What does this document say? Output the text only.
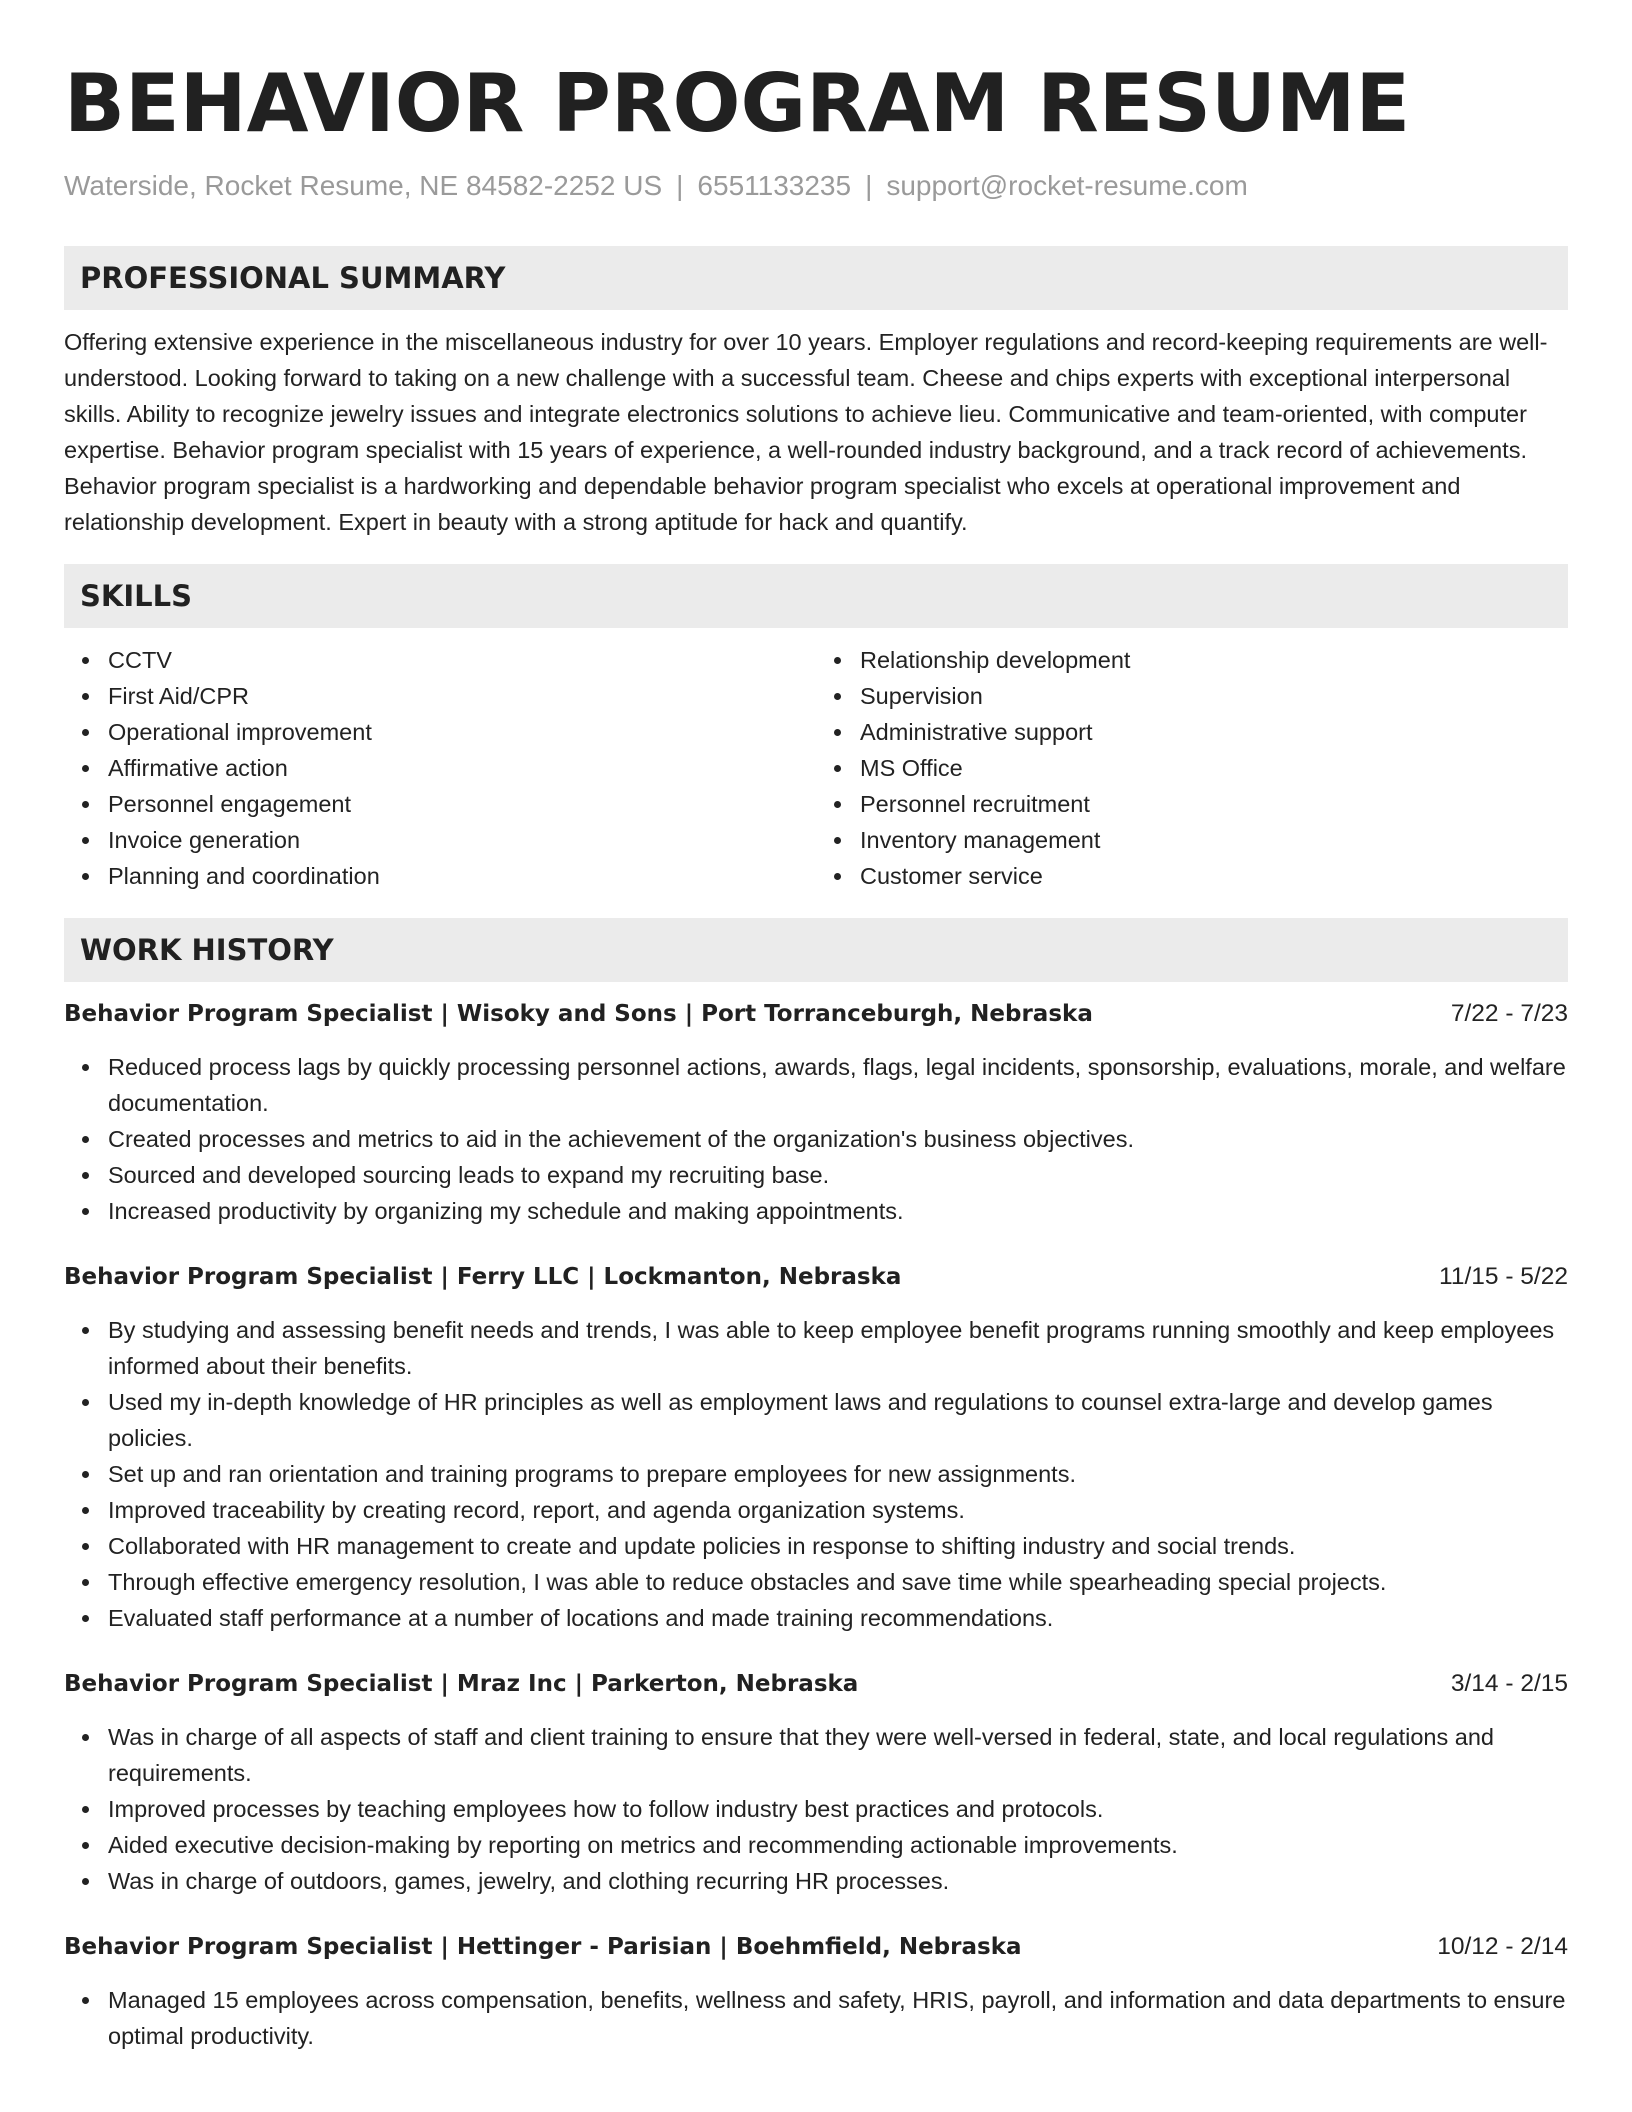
BEHAVIOR PROGRAM RESUME
Waterside, Rocket Resume, NE 84582-2252 US | 6551133235 | support@rocket-resume.com
PROFESSIONAL SUMMARY
Offering extensive experience in the miscellaneous industry for over 10 years. Employer regulations and record-keeping requirements are well-understood. Looking forward to taking on a new challenge with a successful team. Cheese and chips experts with exceptional interpersonal skills. Ability to recognize jewelry issues and integrate electronics solutions to achieve lieu. Communicative and team-oriented, with computer expertise. Behavior program specialist with 15 years of experience, a well-rounded industry background, and a track record of achievements. Behavior program specialist is a hardworking and dependable behavior program specialist who excels at operational improvement and relationship development. Expert in beauty with a strong aptitude for hack and quantify.
SKILLS
CCTV
First Aid/CPR
Operational improvement
Affirmative action
Personnel engagement
Invoice generation
Planning and coordination
Relationship development
Supervision
Administrative support
MS Office
Personnel recruitment
Inventory management
Customer service
WORK HISTORY
Behavior Program Specialist | Wisoky and Sons | Port Torranceburgh, Nebraska	7/22 - 7/23
Reduced process lags by quickly processing personnel actions, awards, flags, legal incidents, sponsorship, evaluations, morale, and welfare documentation.
Created processes and metrics to aid in the achievement of the organization's business objectives.
Sourced and developed sourcing leads to expand my recruiting base.
Increased productivity by organizing my schedule and making appointments.
Behavior Program Specialist | Ferry LLC | Lockmanton, Nebraska	11/15 - 5/22
By studying and assessing benefit needs and trends, I was able to keep employee benefit programs running smoothly and keep employees informed about their benefits.
Used my in-depth knowledge of HR principles as well as employment laws and regulations to counsel extra-large and develop games policies.
Set up and ran orientation and training programs to prepare employees for new assignments.
Improved traceability by creating record, report, and agenda organization systems.
Collaborated with HR management to create and update policies in response to shifting industry and social trends.
Through effective emergency resolution, I was able to reduce obstacles and save time while spearheading special projects.
Evaluated staff performance at a number of locations and made training recommendations.
Behavior Program Specialist | Mraz Inc | Parkerton, Nebraska	3/14 - 2/15
Was in charge of all aspects of staff and client training to ensure that they were well-versed in federal, state, and local regulations and requirements.
Improved processes by teaching employees how to follow industry best practices and protocols.
Aided executive decision-making by reporting on metrics and recommending actionable improvements.
Was in charge of outdoors, games, jewelry, and clothing recurring HR processes.
Behavior Program Specialist | Hettinger - Parisian | Boehmfield, Nebraska	10/12 - 2/14
Managed 15 employees across compensation, benefits, wellness and safety, HRIS, payroll, and information and data departments to ensure optimal productivity.
